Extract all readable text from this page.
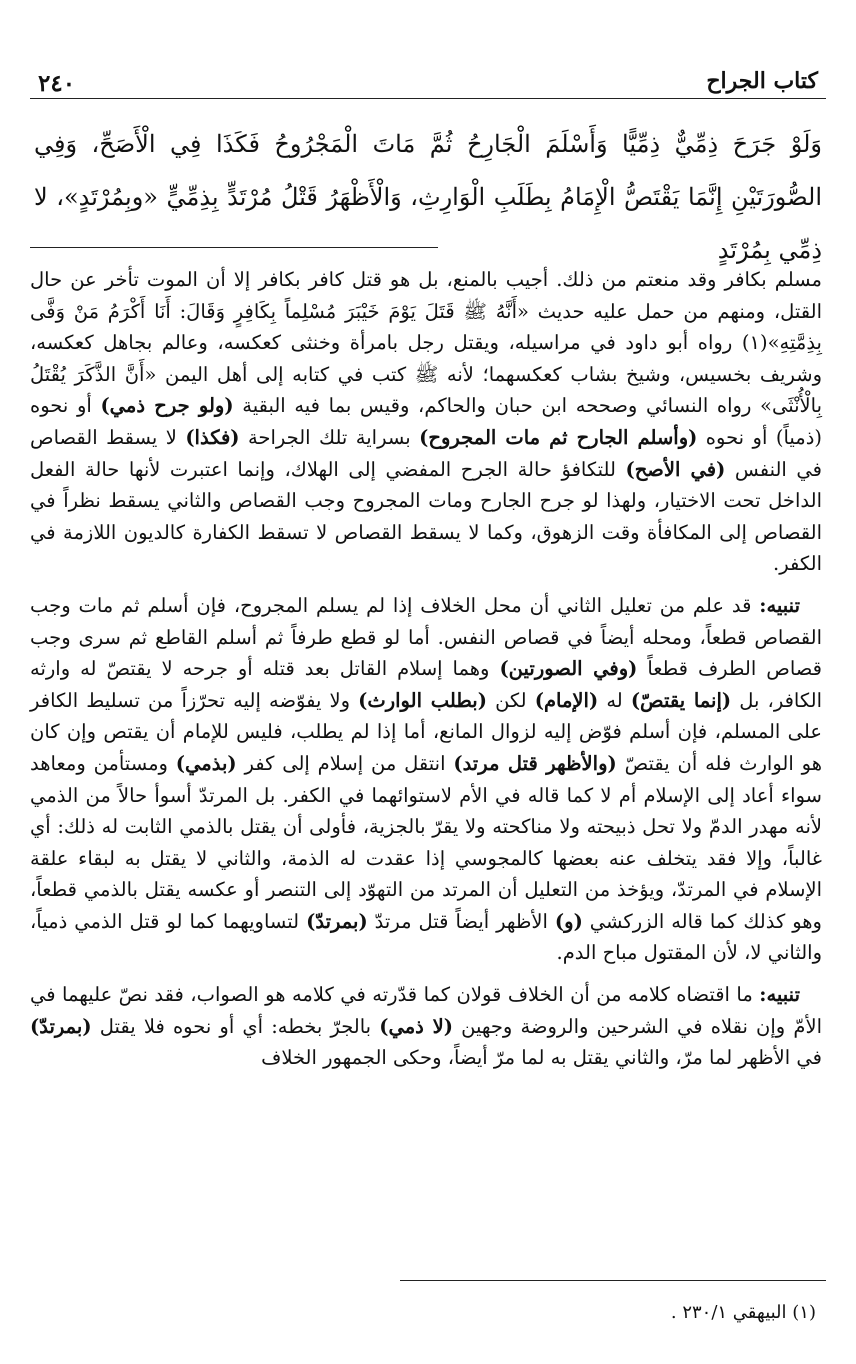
٢٤٠	كتاب الجراح
وَلَوْ جَرَحَ ذِمِّيٌّ ذِمِّيًّا وَأَسْلَمَ الْجَارِحُ ثُمَّ مَاتَ الْمَجْرُوحُ فَكَذَا فِي الْأَصَحِّ، وَفِي الصُّورَتَيْنِ إِنَّمَا يَقْتَصُّ الْإِمَامُ بِطَلَبِ الْوَارِثِ، وَالْأَظْهَرُ قَتْلُ مُرْتَدٍّ بِذِمِّيٍّ «وبِمُرْتَدٍ»، لا ذِمِّي بِمُرْتَدٍ

مسلم بكافر وقد منعتم من ذلك. أجيب بالمنع، بل هو قتل كافر بكافر إلا أن الموت تأخر عن حال القتل، ومنهم من حمل عليه حديث «أَنَّهُ ﷺ قَتَلَ يَوْمَ خَيْبَرَ مُسْلِماً بِكَافِرٍ وَقَالَ: أَنَا أَكْرَمُ مَنْ وَفَّى بِذِمَّتِهِ»(١) رواه أبو داود في مراسيله، ويقتل رجل بامرأة وخنثى كعكسه، وعالم بجاهل كعكسه، وشريف بخسيس، وشيخ بشاب كعكسهما؛ لأنه ﷺ كتب في كتابه إلى أهل اليمن «أَنَّ الذَّكَرَ يُقْتَلُ بِالْأُنْثَى» رواه النسائي وصححه ابن حبان والحاكم، وقيس بما فيه البقية (ولو جرح ذمي) أو نحوه (ذمياً) أو نحوه (وأسلم الجارح ثم مات المجروح) بسراية تلك الجراحة (فكذا) لا يسقط القصاص في النفس (في الأصح) للتكافؤ حالة الجرح المفضي إلى الهلاك، وإنما اعتبرت لأنها حالة الفعل الداخل تحت الاختيار، ولهذا لو جرح الجارح ومات المجروح وجب القصاص والثاني يسقط نظراً في القصاص إلى المكافأة وقت الزهوق، وكما لا يسقط القصاص لا تسقط الكفارة كالديون اللازمة في الكفر.

تنبيه: قد علم من تعليل الثاني أن محل الخلاف إذا لم يسلم المجروح، فإن أسلم ثم مات وجب القصاص قطعاً، ومحله أيضاً في قصاص النفس. أما لو قطع طرفاً ثم أسلم القاطع ثم سرى وجب قصاص الطرف قطعاً (وفي الصورتين) وهما إسلام القاتل بعد قتله أو جرحه لا يقتصّ له وارثه الكافر، بل (إنما يقتصّ) له (الإمام) لكن (بطلب الوارث) ولا يفوّضه إليه تحرّزاً من تسليط الكافر على المسلم، فإن أسلم فوّض إليه لزوال المانع، أما إذا لم يطلب، فليس للإمام أن يقتص وإن كان هو الوارث فله أن يقتصّ (والأظهر قتل مرتد) انتقل من إسلام إلى كفر (بذمي) ومستأمن ومعاهد سواء أعاد إلى الإسلام أم لا كما قاله في الأم لاستوائهما في الكفر. بل المرتدّ أسوأ حالاً من الذمي لأنه مهدر الدمّ ولا تحل ذبيحته ولا مناكحته ولا يقرّ بالجزية، فأولى أن يقتل بالذمي الثابت له ذلك: أي غالباً، وإلا فقد يتخلف عنه بعضها كالمجوسي إذا عقدت له الذمة، والثاني لا يقتل به لبقاء علقة الإسلام في المرتدّ، ويؤخذ من التعليل أن المرتد من التهوّد إلى التنصر أو عكسه يقتل بالذمي قطعاً، وهو كذلك كما قاله الزركشي (و) الأظهر أيضاً قتل مرتدّ (بمرتدّ) لتساويهما كما لو قتل الذمي ذمياً، والثاني لا، لأن المقتول مباح الدم.

تنبيه: ما اقتضاه كلامه من أن الخلاف قولان كما قدّرته في كلامه هو الصواب، فقد نصّ عليهما في الأمّ وإن نقلاه في الشرحين والروضة وجهين (لا ذمي) بالجرّ بخطه: أي أو نحوه فلا يقتل (بمرتدّ) في الأظهر لما مرّ، والثاني يقتل به لما مرّ أيضاً، وحكى الجمهور الخلاف

(١) البيهقي ٢٣٠/١ .
